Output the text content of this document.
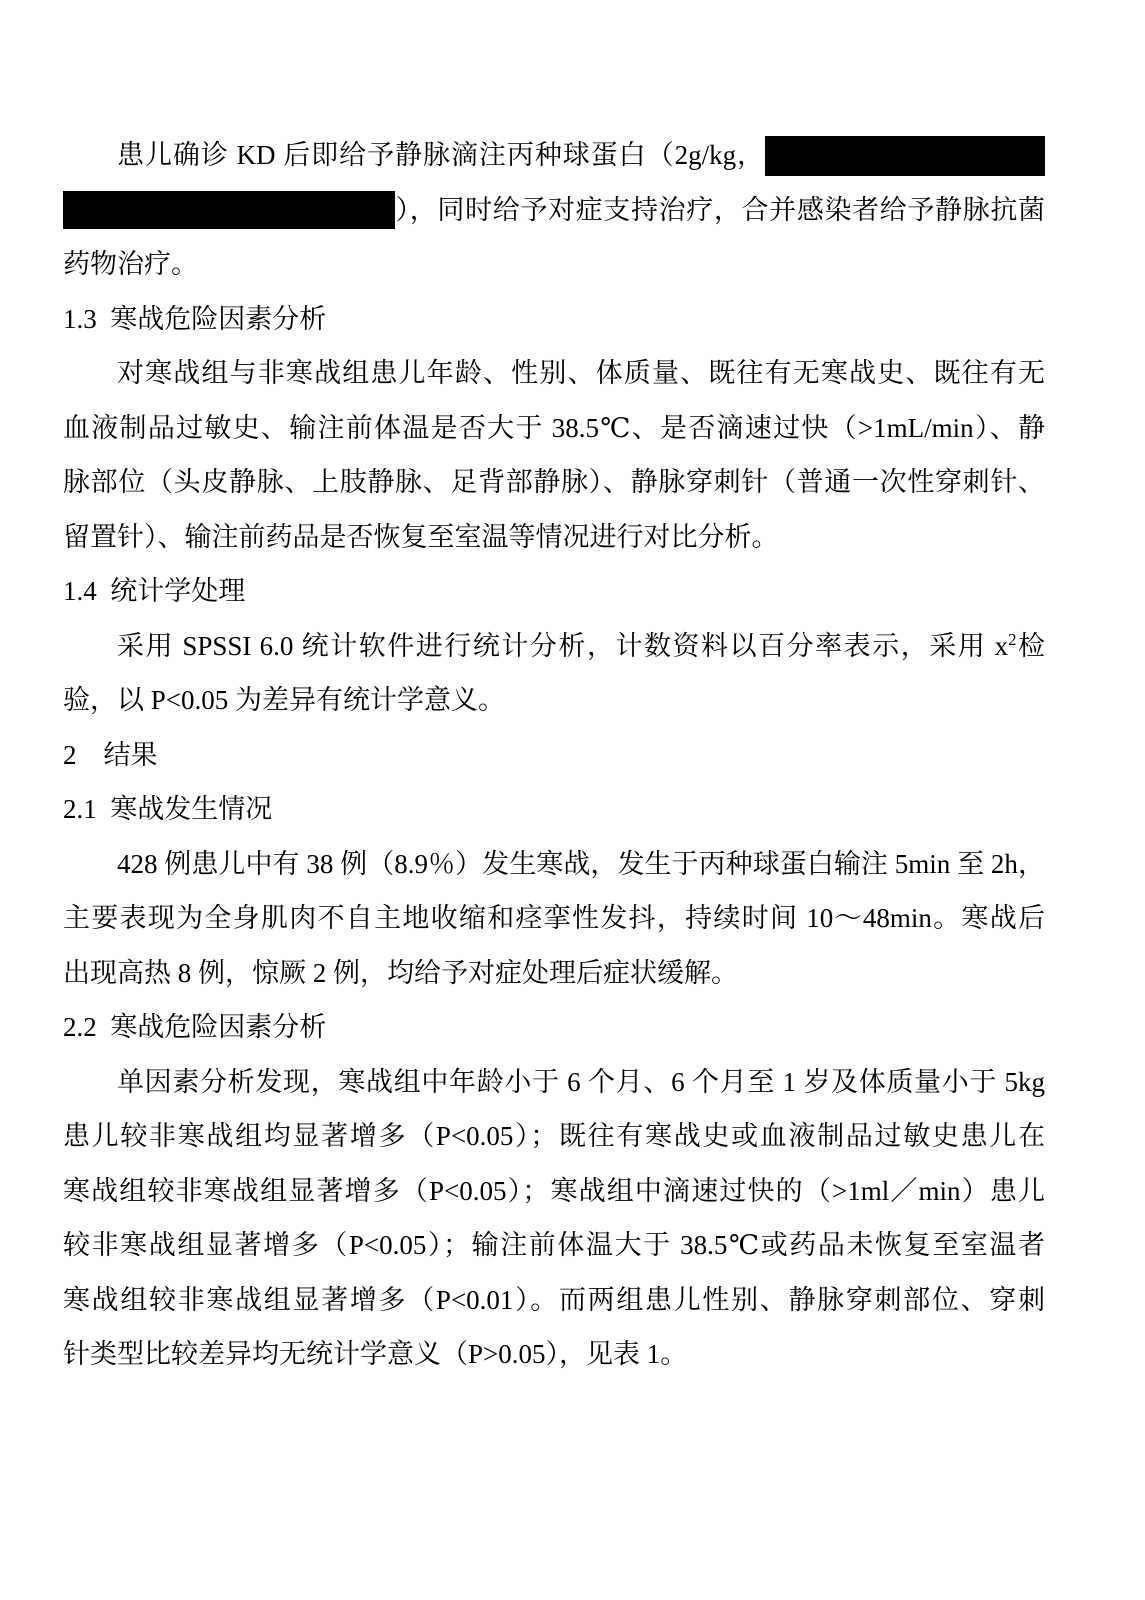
患儿确诊 KD 后即给予静脉滴注丙种球蛋白（2g/kg，
），同时给予对症支持治疗，合并感染者给予静脉抗菌
药物治疗。
1.3  寒战危险因素分析
对寒战组与非寒战组患儿年龄、性别、体质量、既往有无寒战史、既往有无
血液制品过敏史、输注前体温是否大于 38.5℃、是否滴速过快（>1mL/min）、静
脉部位（头皮静脉、上肢静脉、足背部静脉）、静脉穿刺针（普通一次性穿刺针、
留置针）、输注前药品是否恢复至室温等情况进行对比分析。
1.4  统计学处理
采用 SPSSI 6.0 统计软件进行统计分析，计数资料以百分率表示，采用 $x^2$检
验，以 P<0.05 为差异有统计学意义。
2    结果
2.1  寒战发生情况
428 例患儿中有 38 例（8.9％）发生寒战，发生于丙种球蛋白输注 5min 至 2h，
主要表现为全身肌肉不自主地收缩和痉挛性发抖，持续时间 10～48min。寒战后
出现高热 8 例，惊厥 2 例，均给予对症处理后症状缓解。
2.2  寒战危险因素分析
单因素分析发现，寒战组中年龄小于 6 个月、6 个月至 1 岁及体质量小于 5kg
患儿较非寒战组均显著增多（P<0.05）；既往有寒战史或血液制品过敏史患儿在
寒战组较非寒战组显著增多（P<0.05）；寒战组中滴速过快的（>1ml／min）患儿
较非寒战组显著增多（P<0.05）；输注前体温大于 38.5℃或药品未恢复至室温者
寒战组较非寒战组显著增多（P<0.01）。而两组患儿性别、静脉穿刺部位、穿刺
针类型比较差异均无统计学意义（P>0.05），见表 1。
